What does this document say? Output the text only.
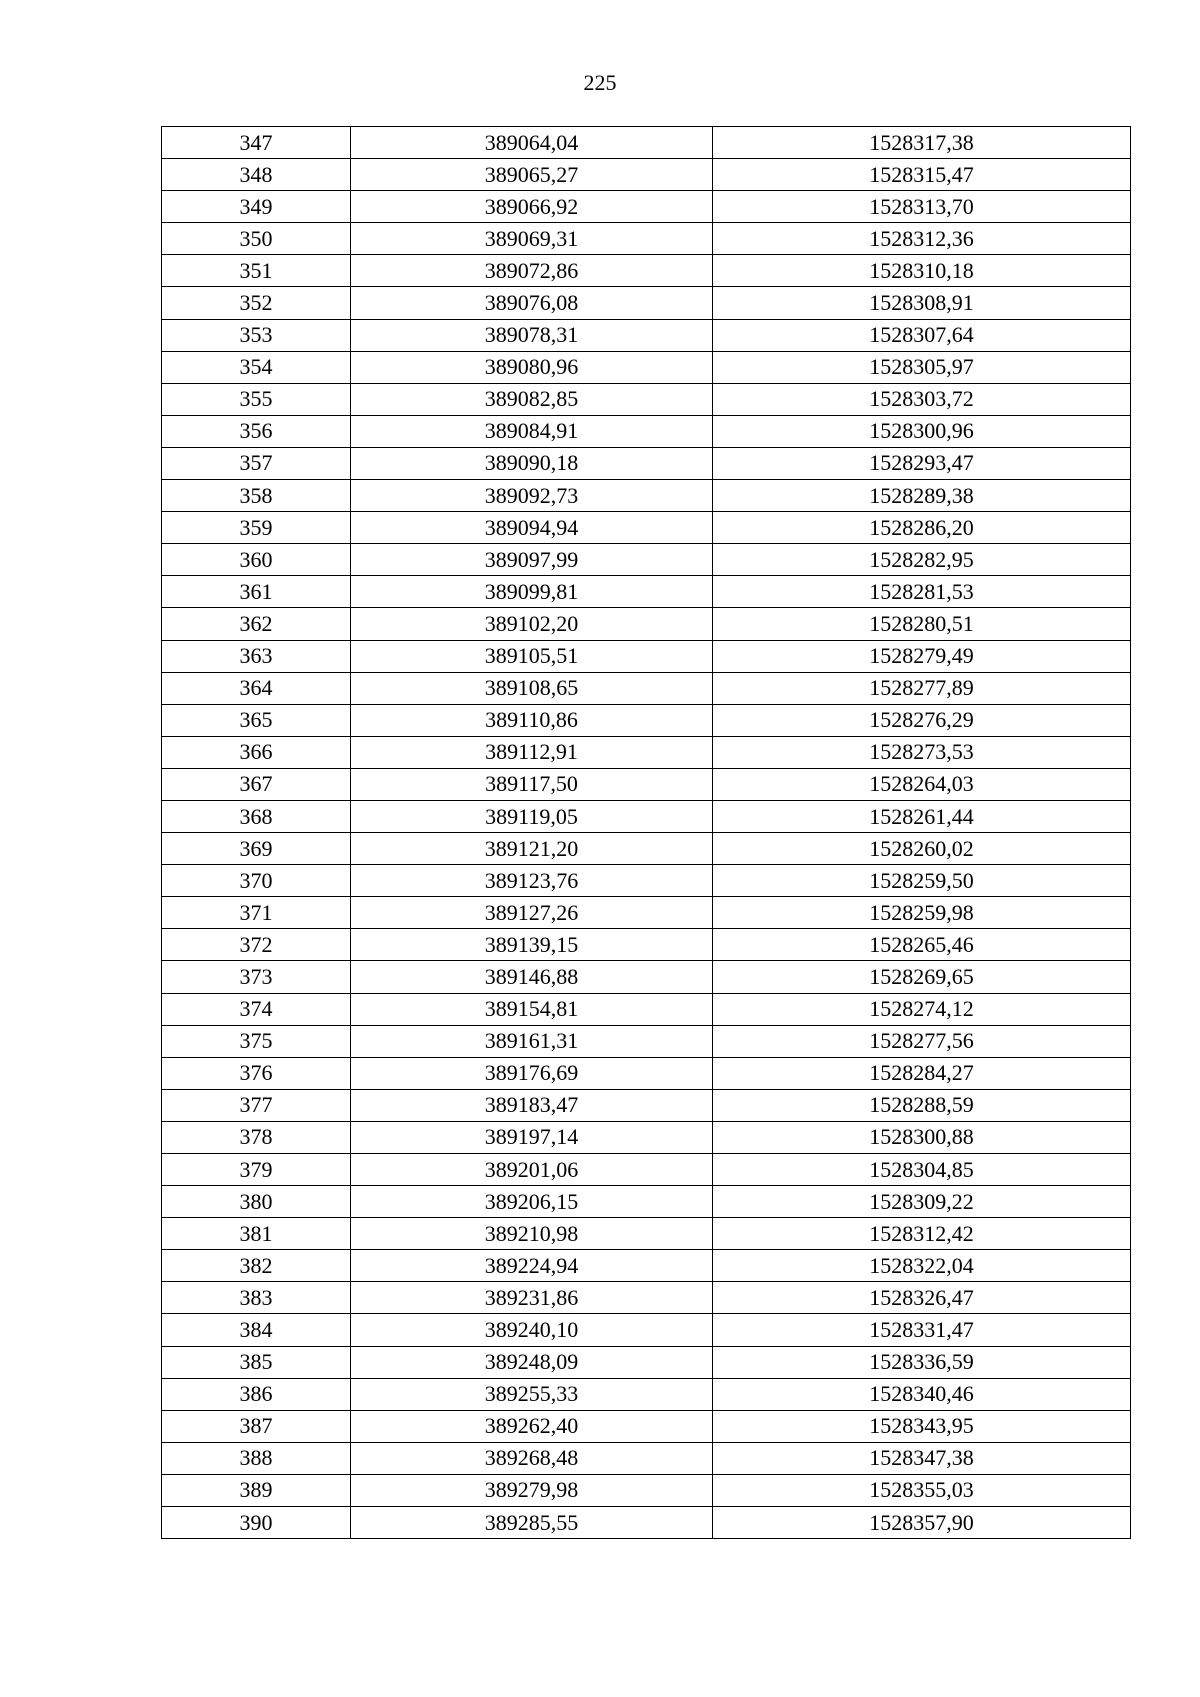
225
347	389064,04	1528317,38
348	389065,27	1528315,47
349	389066,92	1528313,70
350	389069,31	1528312,36
351	389072,86	1528310,18
352	389076,08	1528308,91
353	389078,31	1528307,64
354	389080,96	1528305,97
355	389082,85	1528303,72
356	389084,91	1528300,96
357	389090,18	1528293,47
358	389092,73	1528289,38
359	389094,94	1528286,20
360	389097,99	1528282,95
361	389099,81	1528281,53
362	389102,20	1528280,51
363	389105,51	1528279,49
364	389108,65	1528277,89
365	389110,86	1528276,29
366	389112,91	1528273,53
367	389117,50	1528264,03
368	389119,05	1528261,44
369	389121,20	1528260,02
370	389123,76	1528259,50
371	389127,26	1528259,98
372	389139,15	1528265,46
373	389146,88	1528269,65
374	389154,81	1528274,12
375	389161,31	1528277,56
376	389176,69	1528284,27
377	389183,47	1528288,59
378	389197,14	1528300,88
379	389201,06	1528304,85
380	389206,15	1528309,22
381	389210,98	1528312,42
382	389224,94	1528322,04
383	389231,86	1528326,47
384	389240,10	1528331,47
385	389248,09	1528336,59
386	389255,33	1528340,46
387	389262,40	1528343,95
388	389268,48	1528347,38
389	389279,98	1528355,03
390	389285,55	1528357,90
